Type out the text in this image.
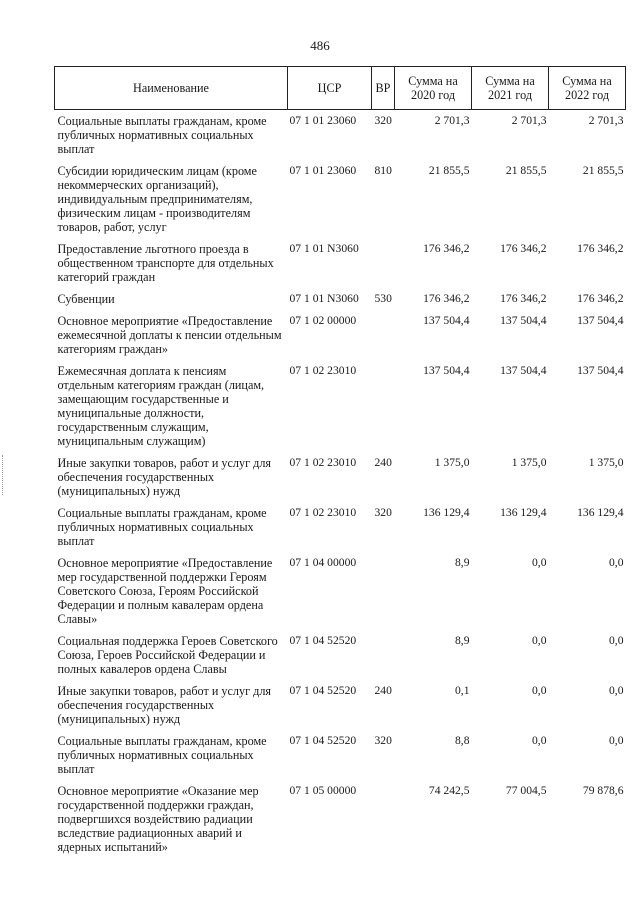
486
Наименование	ЦСР	ВР	Сумма на 2020 год	Сумма на 2021 год	Сумма на 2022 год
Социальные выплаты гражданам, кроме публичных нормативных социальных выплат	07 1 01 23060	320	2 701,3	2 701,3	2 701,3
Субсидии юридическим лицам (кроме некоммерческих организаций), индивидуальным предпринимателям, физическим лицам - производителям товаров, работ, услуг	07 1 01 23060	810	21 855,5	21 855,5	21 855,5
Предоставление льготного проезда в общественном транспорте для отдельных категорий граждан	07 1 01 N3060		176 346,2	176 346,2	176 346,2
Субвенции	07 1 01 N3060	530	176 346,2	176 346,2	176 346,2
Основное мероприятие «Предоставление ежемесячной доплаты к пенсии отдельным категориям граждан»	07 1 02 00000		137 504,4	137 504,4	137 504,4
Ежемесячная доплата к пенсиям отдельным категориям граждан (лицам, замещающим государственные и муниципальные должности, государственным служащим, муниципальным служащим)	07 1 02 23010		137 504,4	137 504,4	137 504,4
Иные закупки товаров, работ и услуг для обеспечения государственных (муниципальных) нужд	07 1 02 23010	240	1 375,0	1 375,0	1 375,0
Социальные выплаты гражданам, кроме публичных нормативных социальных выплат	07 1 02 23010	320	136 129,4	136 129,4	136 129,4
Основное мероприятие «Предоставление мер государственной поддержки Героям Советского Союза, Героям Российской Федерации и полным кавалерам ордена Славы»	07 1 04 00000		8,9	0,0	0,0
Социальная поддержка Героев Советского Союза, Героев Российской Федерации и полных кавалеров ордена Славы	07 1 04 52520		8,9	0,0	0,0
Иные закупки товаров, работ и услуг для обеспечения государственных (муниципальных) нужд	07 1 04 52520	240	0,1	0,0	0,0
Социальные выплаты гражданам, кроме публичных нормативных социальных выплат	07 1 04 52520	320	8,8	0,0	0,0
Основное мероприятие «Оказание мер государственной поддержки граждан, подвергшихся воздействию радиации вследствие радиационных аварий и ядерных испытаний»	07 1 05 00000		74 242,5	77 004,5	79 878,6
